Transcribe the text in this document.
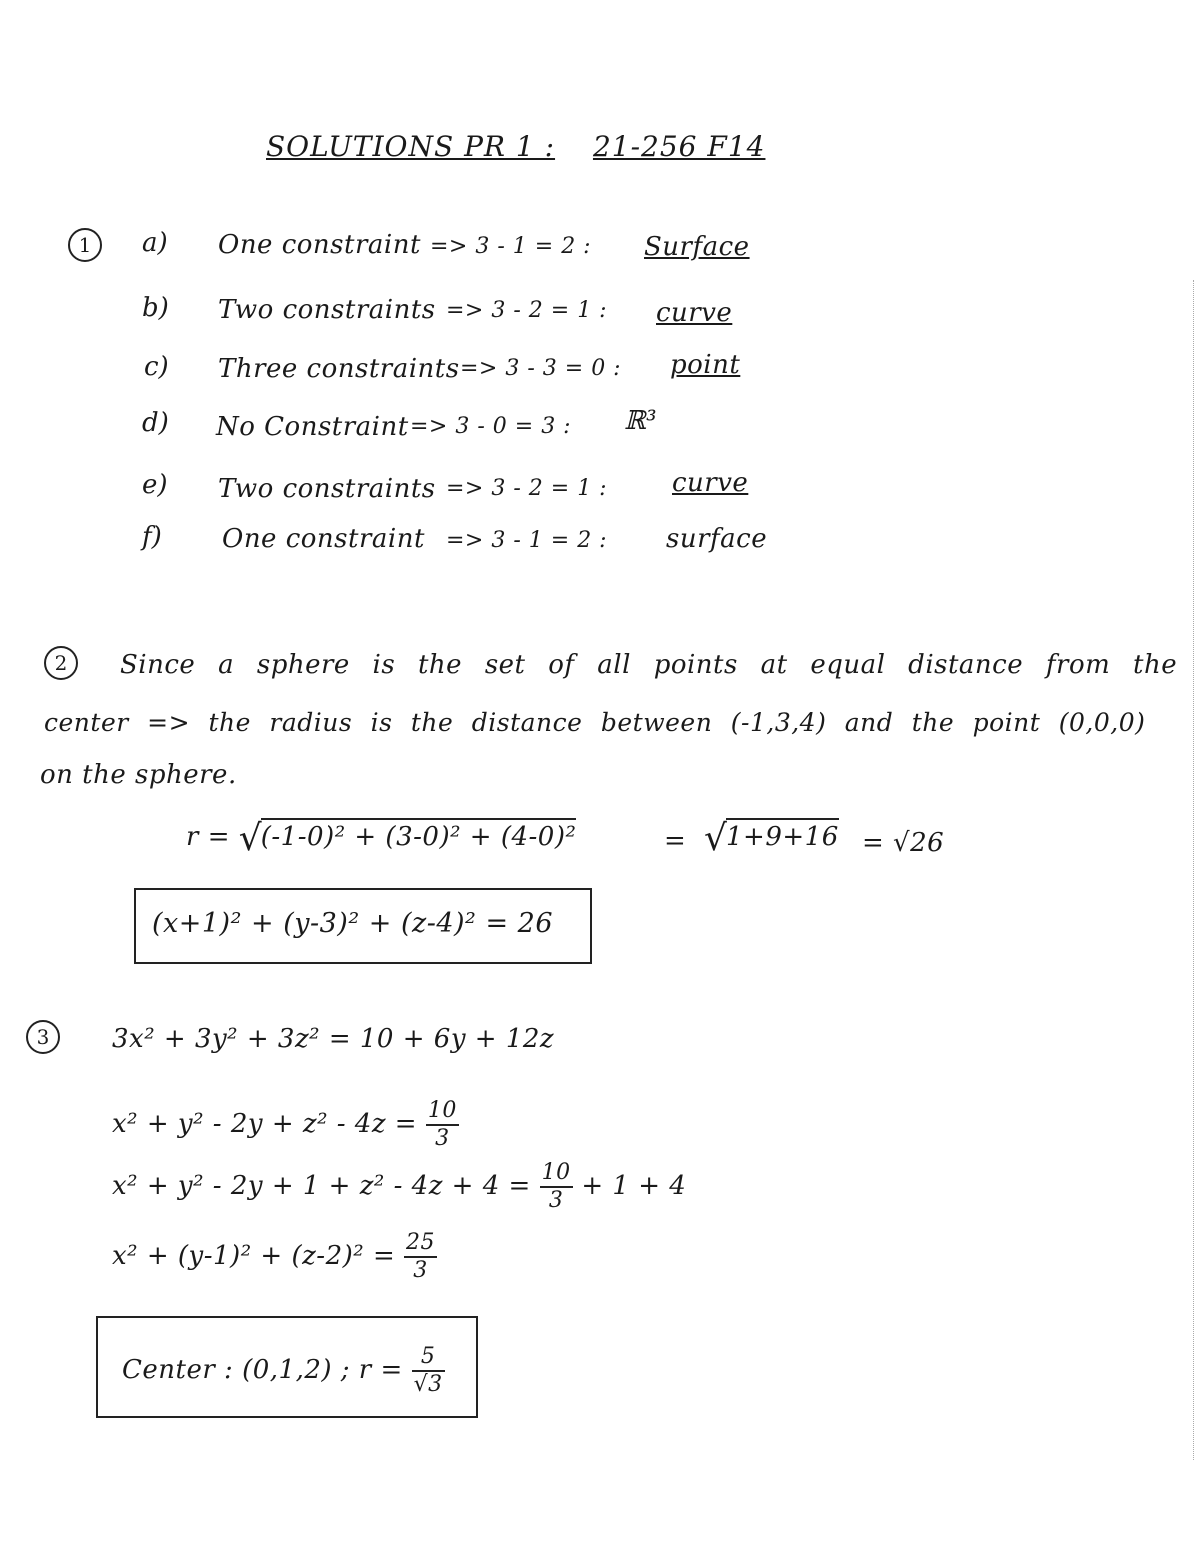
SOLUTIONS PR 1 : 21-256 F14
1	a) One constraint => 3 - 1 = 2 : Surface
b) Two constraints => 3 - 2 = 1 : curve
c) Three constraints => 3 - 3 = 0 : point
d) No Constraint => 3 - 0 = 3 : ℝ³
e) Two constraints => 3 - 2 = 1 : curve
f) One constraint => 3 - 1 = 2 : surface
2	Since a sphere is the set of all points at equal distance from the
center => the radius is the distance between (-1,3,4) and the point (0,0,0)
on the sphere.
r = √ (-1-0)² + (3-0)² + (4-0)²	=	√ 1+9+16 = √26
(x+1)² + (y-3)² + (z-4)² = 26
3	3x² + 3y² + 3z² = 10 + 6y + 12z
$x^2 + y^2 - 2y + z^2 - 4z = \frac{10}{3}$
$x^2 + y^2 - 2y + 1 + z^2 - 4z + 4 = \frac{10}{3} + 1 + 4$
$x^2 + (y-1)^2 + (z-2)^2 = \frac{25}{3}$
Center : (0,1,2) ; $r = \frac{5}{√3}$
